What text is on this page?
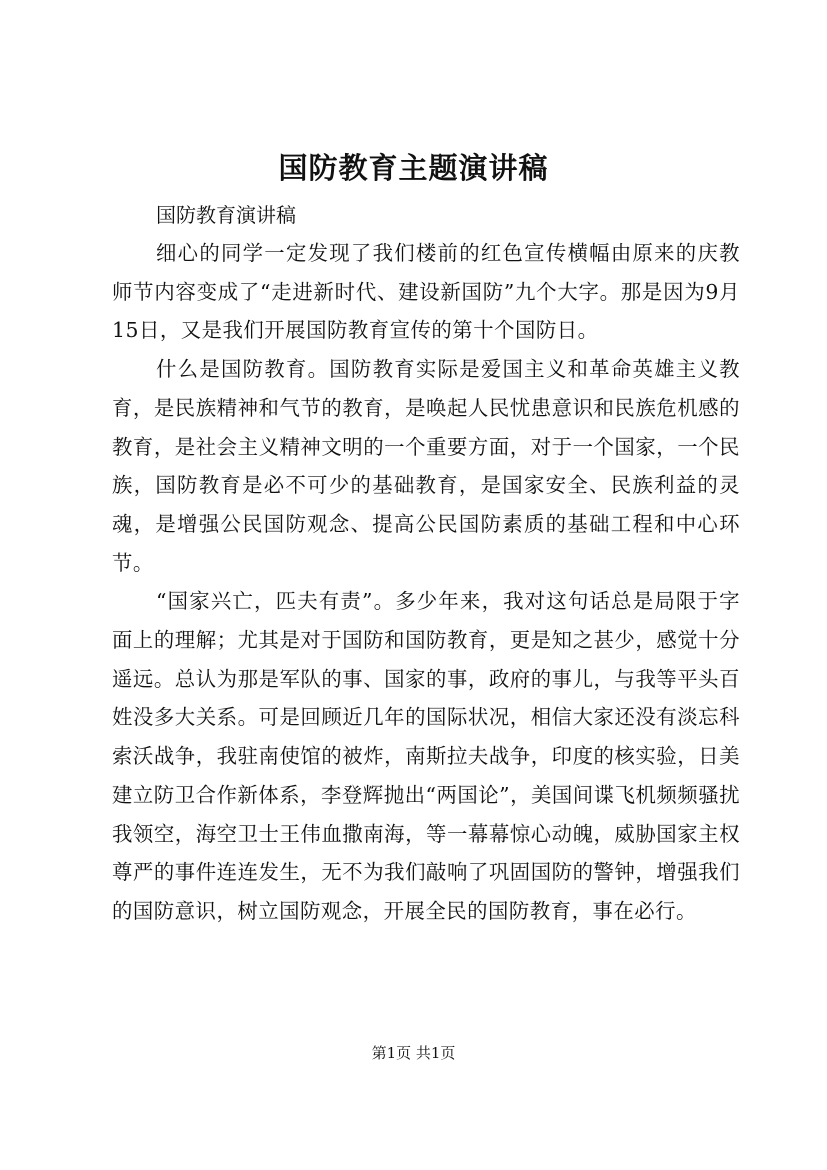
国防教育主题演讲稿

国防教育演讲稿

细心的同学一定发现了我们楼前的红色宣传横幅由原来的庆教师节内容变成了“走进新时代、建设新国防”九个大字。那是因为9月15日，又是我们开展国防教育宣传的第十个国防日。

什么是国防教育。国防教育实际是爱国主义和革命英雄主义教育，是民族精神和气节的教育，是唤起人民忧患意识和民族危机感的教育，是社会主义精神文明的一个重要方面，对于一个国家，一个民族，国防教育是必不可少的基础教育，是国家安全、民族利益的灵魂，是增强公民国防观念、提高公民国防素质的基础工程和中心环节。

“国家兴亡，匹夫有责”。多少年来，我对这句话总是局限于字面上的理解；尤其是对于国防和国防教育，更是知之甚少，感觉十分遥远。总认为那是军队的事、国家的事，政府的事儿，与我等平头百姓没多大关系。可是回顾近几年的国际状况，相信大家还没有淡忘科索沃战争，我驻南使馆的被炸，南斯拉夫战争，印度的核实验，日美建立防卫合作新体系，李登辉抛出“两国论”，美国间谍飞机频频骚扰我领空，海空卫士王伟血撒南海，等一幕幕惊心动魄，威胁国家主权尊严的事件连连发生，无不为我们敲响了巩固国防的警钟，增强我们的国防意识，树立国防观念，开展全民的国防教育，事在必行。

第1页 共1页
